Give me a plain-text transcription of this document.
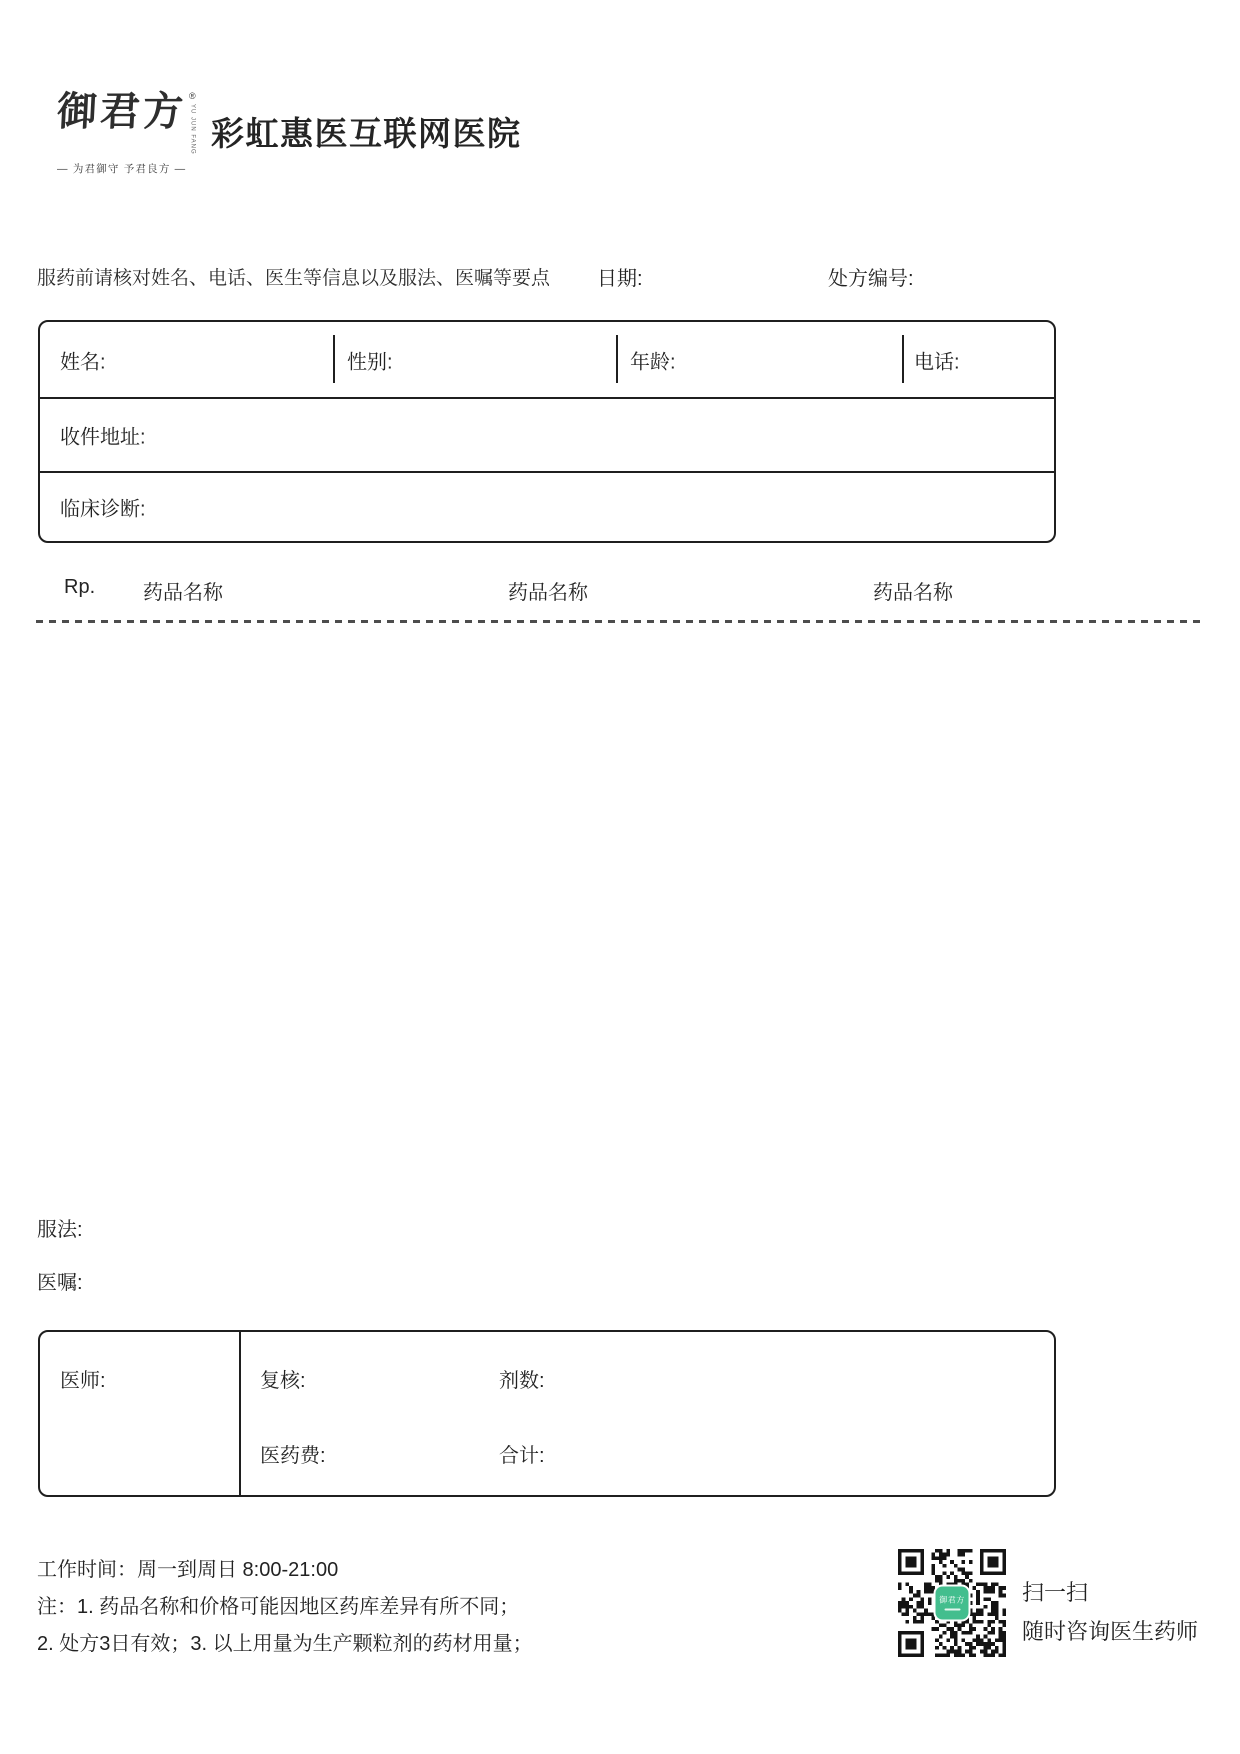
御君方 ®
YU JUN FANG
— 为君御守 予君良方 —
彩虹惠医互联网医院
服药前请核对姓名、电话、医生等信息以及服法、医嘱等要点 日期:	处方编号:
姓名:	性别:	年龄:	电话:
收件地址:
临床诊断:
Rp. 药品名称	药品名称	药品名称
服法:
医嘱:
医师:	复核:	剂数:
医药费:	合计:
工作时间：周一到周日 8:00-21:00
注：1. 药品名称和价格可能因地区药库差异有所不同；
2. 处方3日有效；3. 以上用量为生产颗粒剂的药材用量；
御君方	扫一扫
随时咨询医生药师
